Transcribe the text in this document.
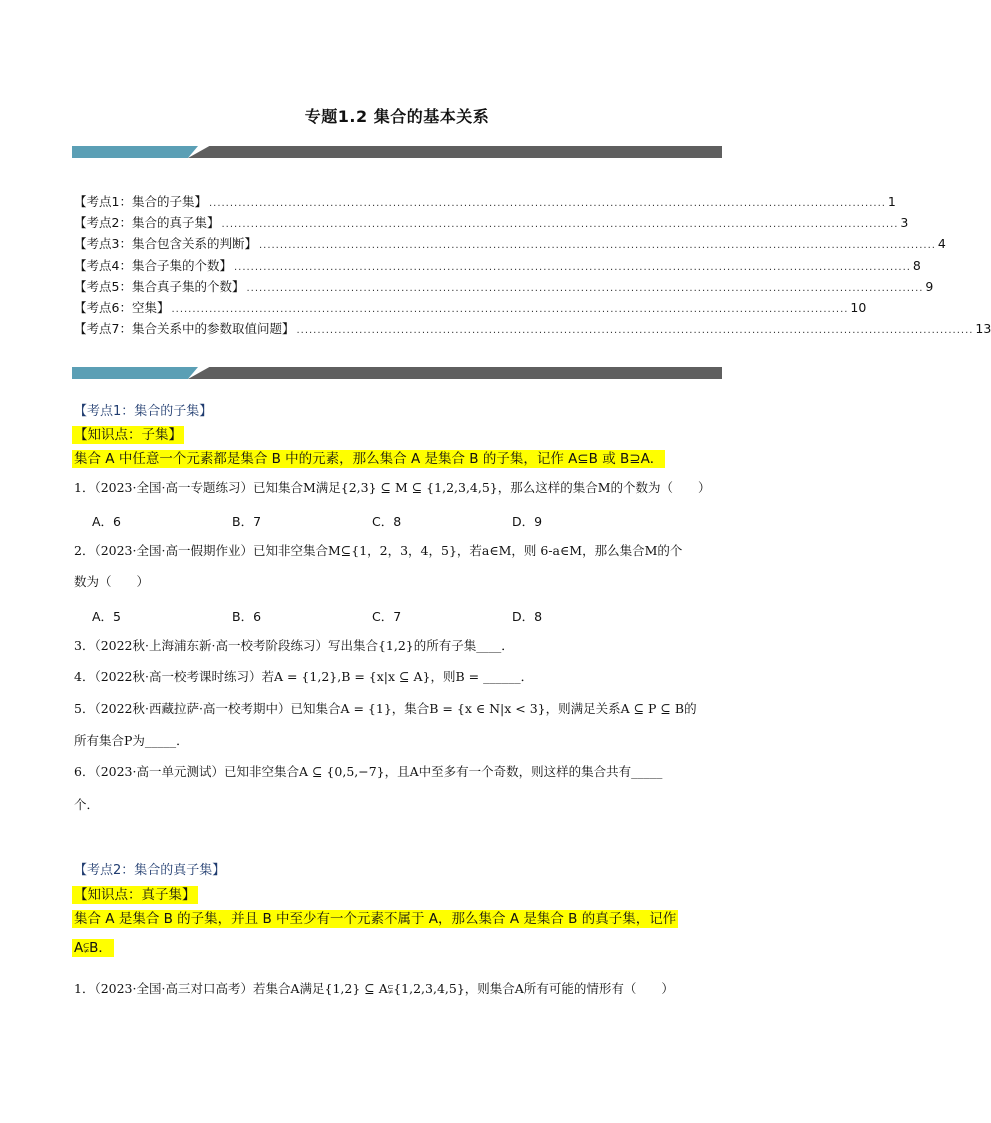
专题1.2 集合的基本关系
【考点1：集合的子集】 .................................................................................................................................................................. 1
【考点2：集合的真子集】 .................................................................................................................................................................. 3
【考点3：集合包含关系的判断】 .................................................................................................................................................................. 4
【考点4：集合子集的个数】 .................................................................................................................................................................. 8
【考点5：集合真子集的个数】 .................................................................................................................................................................. 9
【考点6：空集】 .................................................................................................................................................................. 10
【考点7：集合关系中的参数取值问题】 .................................................................................................................................................................. 13
【考点1：集合的子集】
【知识点：子集】
集合 A 中任意一个元素都是集合 B 中的元素，那么集合 A 是集合 B 的子集，记作 A⊆B 或 B⊇A．
1．（2023·全国·高一专题练习）已知集合M满足{2,3} ⊆ M ⊆ {1,2,3,4,5}，那么这样的集合M的个数为（　　）
A．6	B．7	C．8	D．9
2．（2023·全国·高一假期作业）已知非空集合M⊆{1，2，3，4，5}，若a∈M，则 6-a∈M，那么集合M的个
数为（　　）
A．5	B．6	C．7	D．8
3．（2022秋·上海浦东新·高一校考阶段练习）写出集合{1,2}的所有子集____．
4．（2022秋·高一校考课时练习）若A = {1,2},B = {x|x ⊆ A}，则B = ______．
5．（2022秋·西藏拉萨·高一校考期中）已知集合A = {1}，集合B = {x ∈ N|x < 3}，则满足关系A ⊆ P ⊆ B的
所有集合P为_____．
6．（2023·高一单元测试）已知非空集合A ⊆ {0,5,−7}，且A中至多有一个奇数，则这样的集合共有_____
个．
【考点2：集合的真子集】
【知识点：真子集】
集合 A 是集合 B 的子集，并且 B 中至少有一个元素不属于 A，那么集合 A 是集合 B 的真子集，记作
A⫋B．
1．（2023·全国·高三对口高考）若集合A满足{1,2} ⊆ A⫋{1,2,3,4,5}，则集合A所有可能的情形有（　　）
